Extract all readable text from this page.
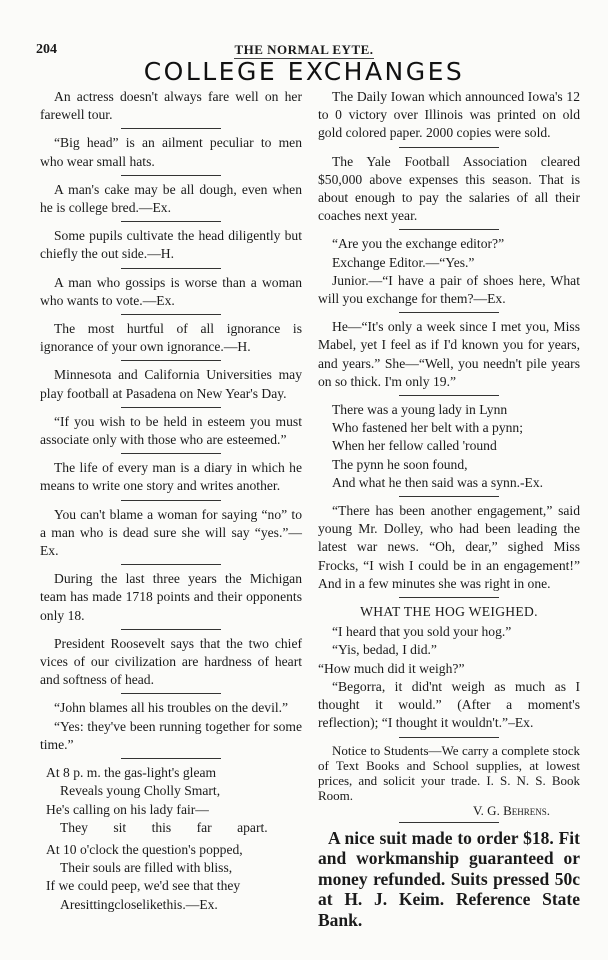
204	THE NORMAL EYTE.
COLLEGE EXCHANGES

An actress doesn't always fare well on her farewell tour.

“Big head” is an ailment peculiar to men who wear small hats.

A man's cake may be all dough, even when he is college bred.—Ex.

Some pupils cultivate the head diligently but chiefly the out side.—H.

A man who gossips is worse than a woman who wants to vote.—Ex.

The most hurtful of all ignorance is ignorance of your own ignorance.—H.

Minnesota and California Universities may play football at Pasadena on New Year's Day.

“If you wish to be held in esteem you must associate only with those who are esteemed.”

The life of every man is a diary in which he means to write one story and writes another.

You can't blame a woman for saying “no” to a man who is dead sure she will say “yes.”—Ex.

During the last three years the Michigan team has made 1718 points and their opponents only 18.

President Roosevelt says that the two chief vices of our civilization are hardness of heart and softness of head.

“John blames all his troubles on the devil.”

“Yes: they've been running together for some time.”

At 8 p. m. the gas-light's gleam
Reveals young Cholly Smart,
He's calling on his lady fair—
They sit this far apart.
At 10 o'clock the question's popped,
Their souls are filled with bliss,
If we could peep, we'd see that they
Aresittingcloselikethis.—Ex.

The Daily Iowan which announced Iowa's 12 to 0 victory over Illinois was printed on old gold colored paper. 2000 copies were sold.

The Yale Football Association cleared $50,000 above expenses this season. That is about enough to pay the salaries of all their coaches next year.

“Are you the exchange editor?”

Exchange Editor.—“Yes.”

Junior.—“I have a pair of shoes here, What will you exchange for them?—Ex.

He—“It's only a week since I met you, Miss Mabel, yet I feel as if I'd known you for years, and years.” She—“Well, you needn't pile years on so thick. I'm only 19.”

There was a young lady in Lynn
Who fastened her belt with a pynn;
When her fellow called 'round
The pynn he soon found,
And what he then said was a synn.-Ex.

“There has been another engagement,” said young Mr. Dolley, who had been leading the latest war news. “Oh, dear,” sighed Miss Frocks, “I wish I could be in an engagement!” And in a few minutes she was right in one.

WHAT THE HOG WEIGHED.

“I heard that you sold your hog.”

“Yis, bedad, I did.”

“How much did it weigh?”

“Begorra, it did'nt weigh as much as I thought it would.” (After a moment's reflection); “I thought it wouldn't.”–Ex.

Notice to Students—We carry a complete stock of Text Books and School supplies, at lowest prices, and solicit your trade. I. S. N. S. Book Room.

V. G. Behrens.

A nice suit made to order $18. Fit and workmanship guaranteed or money refunded. Suits pressed 50c at H. J. Keim. Reference State Bank.
